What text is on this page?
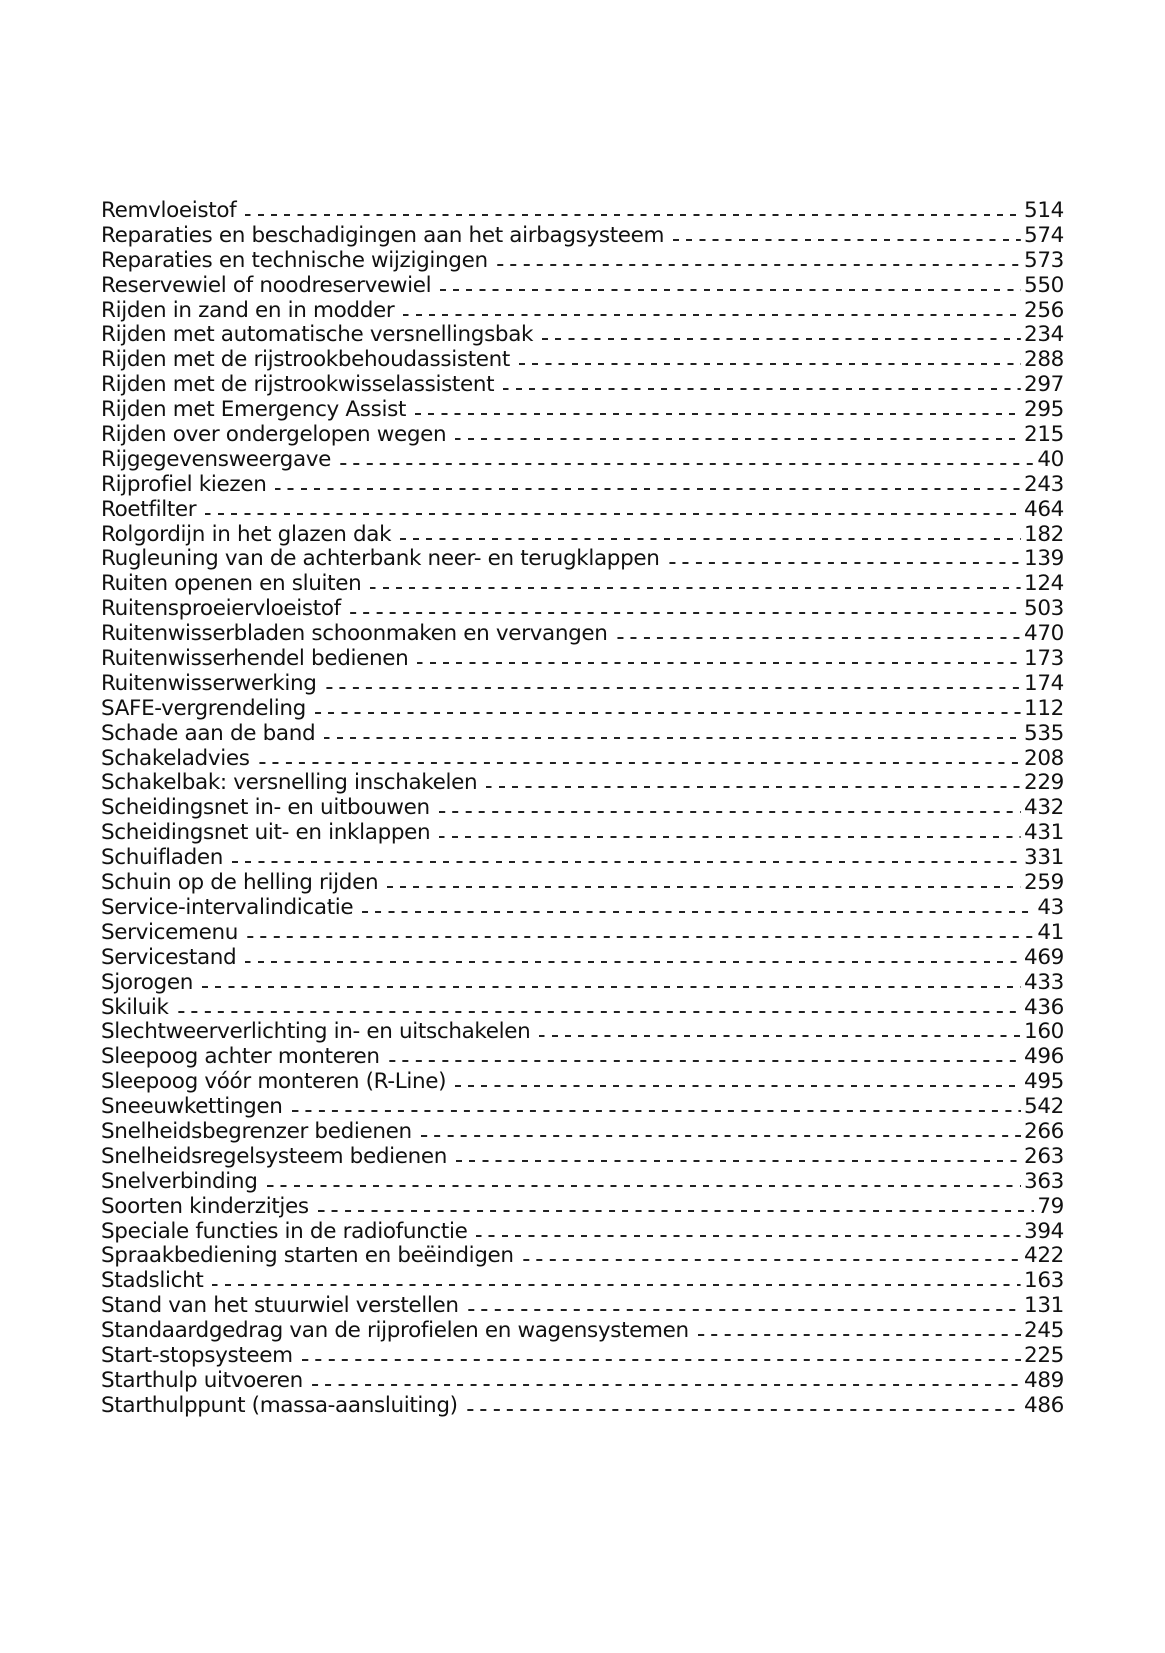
Remvloeistof	514
Reparaties en beschadigingen aan het airbagsysteem	574
Reparaties en technische wijzigingen	573
Reservewiel of noodreservewiel	550
Rijden in zand en in modder	256
Rijden met automatische versnellingsbak	234
Rijden met de rijstrookbehoudassistent	288
Rijden met de rijstrookwisselassistent	297
Rijden met Emergency Assist	295
Rijden over ondergelopen wegen	215
Rijgegevensweergave	40
Rijprofiel kiezen	243
Roetfilter	464
Rolgordijn in het glazen dak	182
Rugleuning van de achterbank neer- en terugklappen	139
Ruiten openen en sluiten	124
Ruitensproeiervloeistof	503
Ruitenwisserbladen schoonmaken en vervangen	470
Ruitenwisserhendel bedienen	173
Ruitenwisserwerking	174
SAFE-vergrendeling	112
Schade aan de band	535
Schakeladvies	208
Schakelbak: versnelling inschakelen	229
Scheidingsnet in- en uitbouwen	432
Scheidingsnet uit- en inklappen	431
Schuifladen	331
Schuin op de helling rijden	259
Service-intervalindicatie	43
Servicemenu	41
Servicestand	469
Sjorogen	433
Skiluik	436
Slechtweerverlichting in- en uitschakelen	160
Sleepoog achter monteren	496
Sleepoog vóór monteren (R-Line)	495
Sneeuwkettingen	542
Snelheidsbegrenzer bedienen	266
Snelheidsregelsysteem bedienen	263
Snelverbinding	363
Soorten kinderzitjes	79
Speciale functies in de radiofunctie	394
Spraakbediening starten en beëindigen	422
Stadslicht	163
Stand van het stuurwiel verstellen	131
Standaardgedrag van de rijprofielen en wagensystemen	245
Start-stopsysteem	225
Starthulp uitvoeren	489
Starthulppunt (massa-aansluiting)	486
